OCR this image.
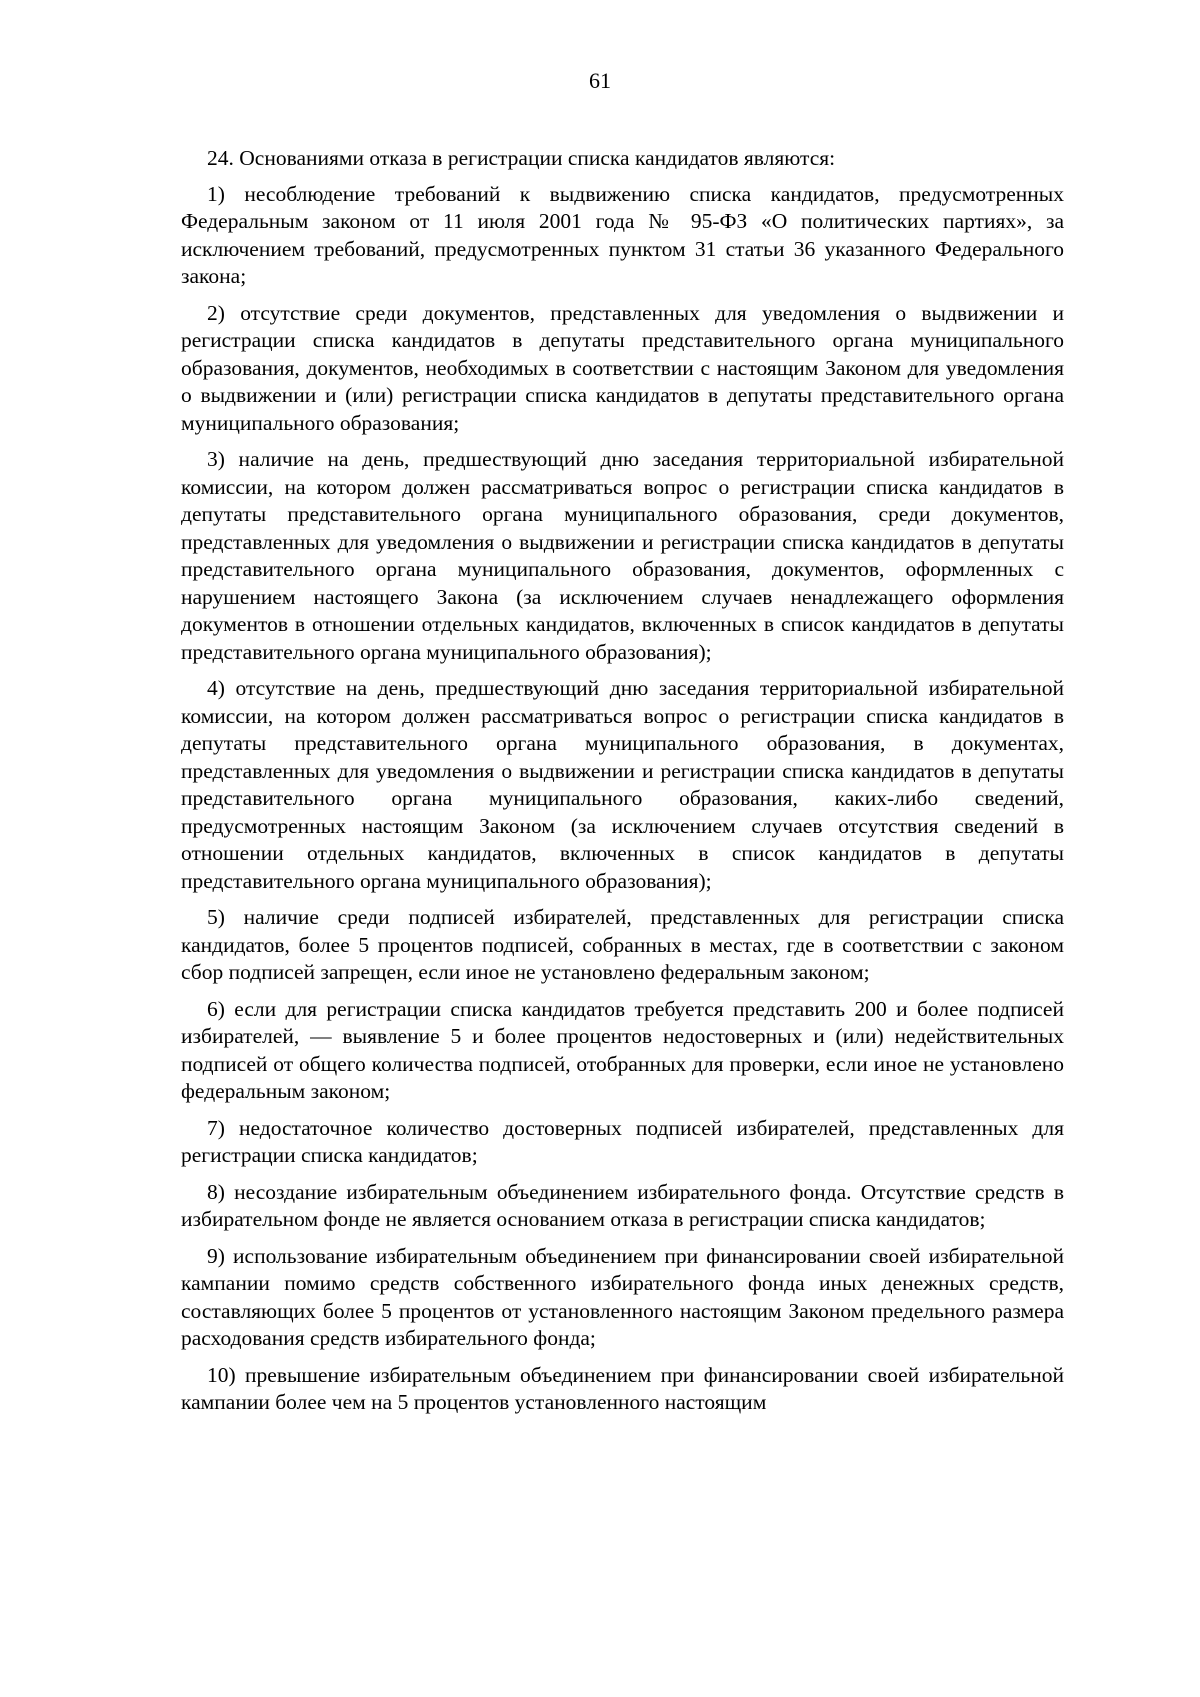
61

24. Основаниями отказа в регистрации списка кандидатов являются:

1) несоблюдение требований к выдвижению списка кандидатов, предусмотренных Федеральным законом от 11 июля 2001 года № 95-ФЗ «О политических партиях», за исключением требований, предусмотренных пунктом 31 статьи 36 указанного Федерального закона;

2) отсутствие среди документов, представленных для уведомления о выдвижении и регистрации списка кандидатов в депутаты представительного органа муниципального образования, документов, необходимых в соответствии с настоящим Законом для уведомления о выдвижении и (или) регистрации списка кандидатов в депутаты представительного органа муниципального образования;

3) наличие на день, предшествующий дню заседания территориальной избирательной комиссии, на котором должен рассматриваться вопрос о регистрации списка кандидатов в депутаты представительного органа муниципального образования, среди документов, представленных для уведомления о выдвижении и регистрации списка кандидатов в депутаты представительного органа муниципального образования, документов, оформленных с нарушением настоящего Закона (за исключением случаев ненадлежащего оформления документов в отношении отдельных кандидатов, включенных в список кандидатов в депутаты представительного органа муниципального образования);

4) отсутствие на день, предшествующий дню заседания территориальной избирательной комиссии, на котором должен рассматриваться вопрос о регистрации списка кандидатов в депутаты представительного органа муниципального образования, в документах, представленных для уведомления о выдвижении и регистрации списка кандидатов в депутаты представительного органа муниципального образования, каких-либо сведений, предусмотренных настоящим Законом (за исключением случаев отсутствия сведений в отношении отдельных кандидатов, включенных в список кандидатов в депутаты представительного органа муниципального образования);

5) наличие среди подписей избирателей, представленных для регистрации списка кандидатов, более 5 процентов подписей, собранных в местах, где в соответствии с законом сбор подписей запрещен, если иное не установлено федеральным законом;

6) если для регистрации списка кандидатов требуется представить 200 и более подписей избирателей, — выявление 5 и более процентов недостоверных и (или) недействительных подписей от общего количества подписей, отобранных для проверки, если иное не установлено федеральным законом;

7) недостаточное количество достоверных подписей избирателей, представленных для регистрации списка кандидатов;

8) несоздание избирательным объединением избирательного фонда. Отсутствие средств в избирательном фонде не является основанием отказа в регистрации списка кандидатов;

9) использование избирательным объединением при финансировании своей избирательной кампании помимо средств собственного избирательного фонда иных денежных средств, составляющих более 5 процентов от установленного настоящим Законом предельного размера расходования средств избирательного фонда;

10) превышение избирательным объединением при финансировании своей избирательной кампании более чем на 5 процентов установленного настоящим
